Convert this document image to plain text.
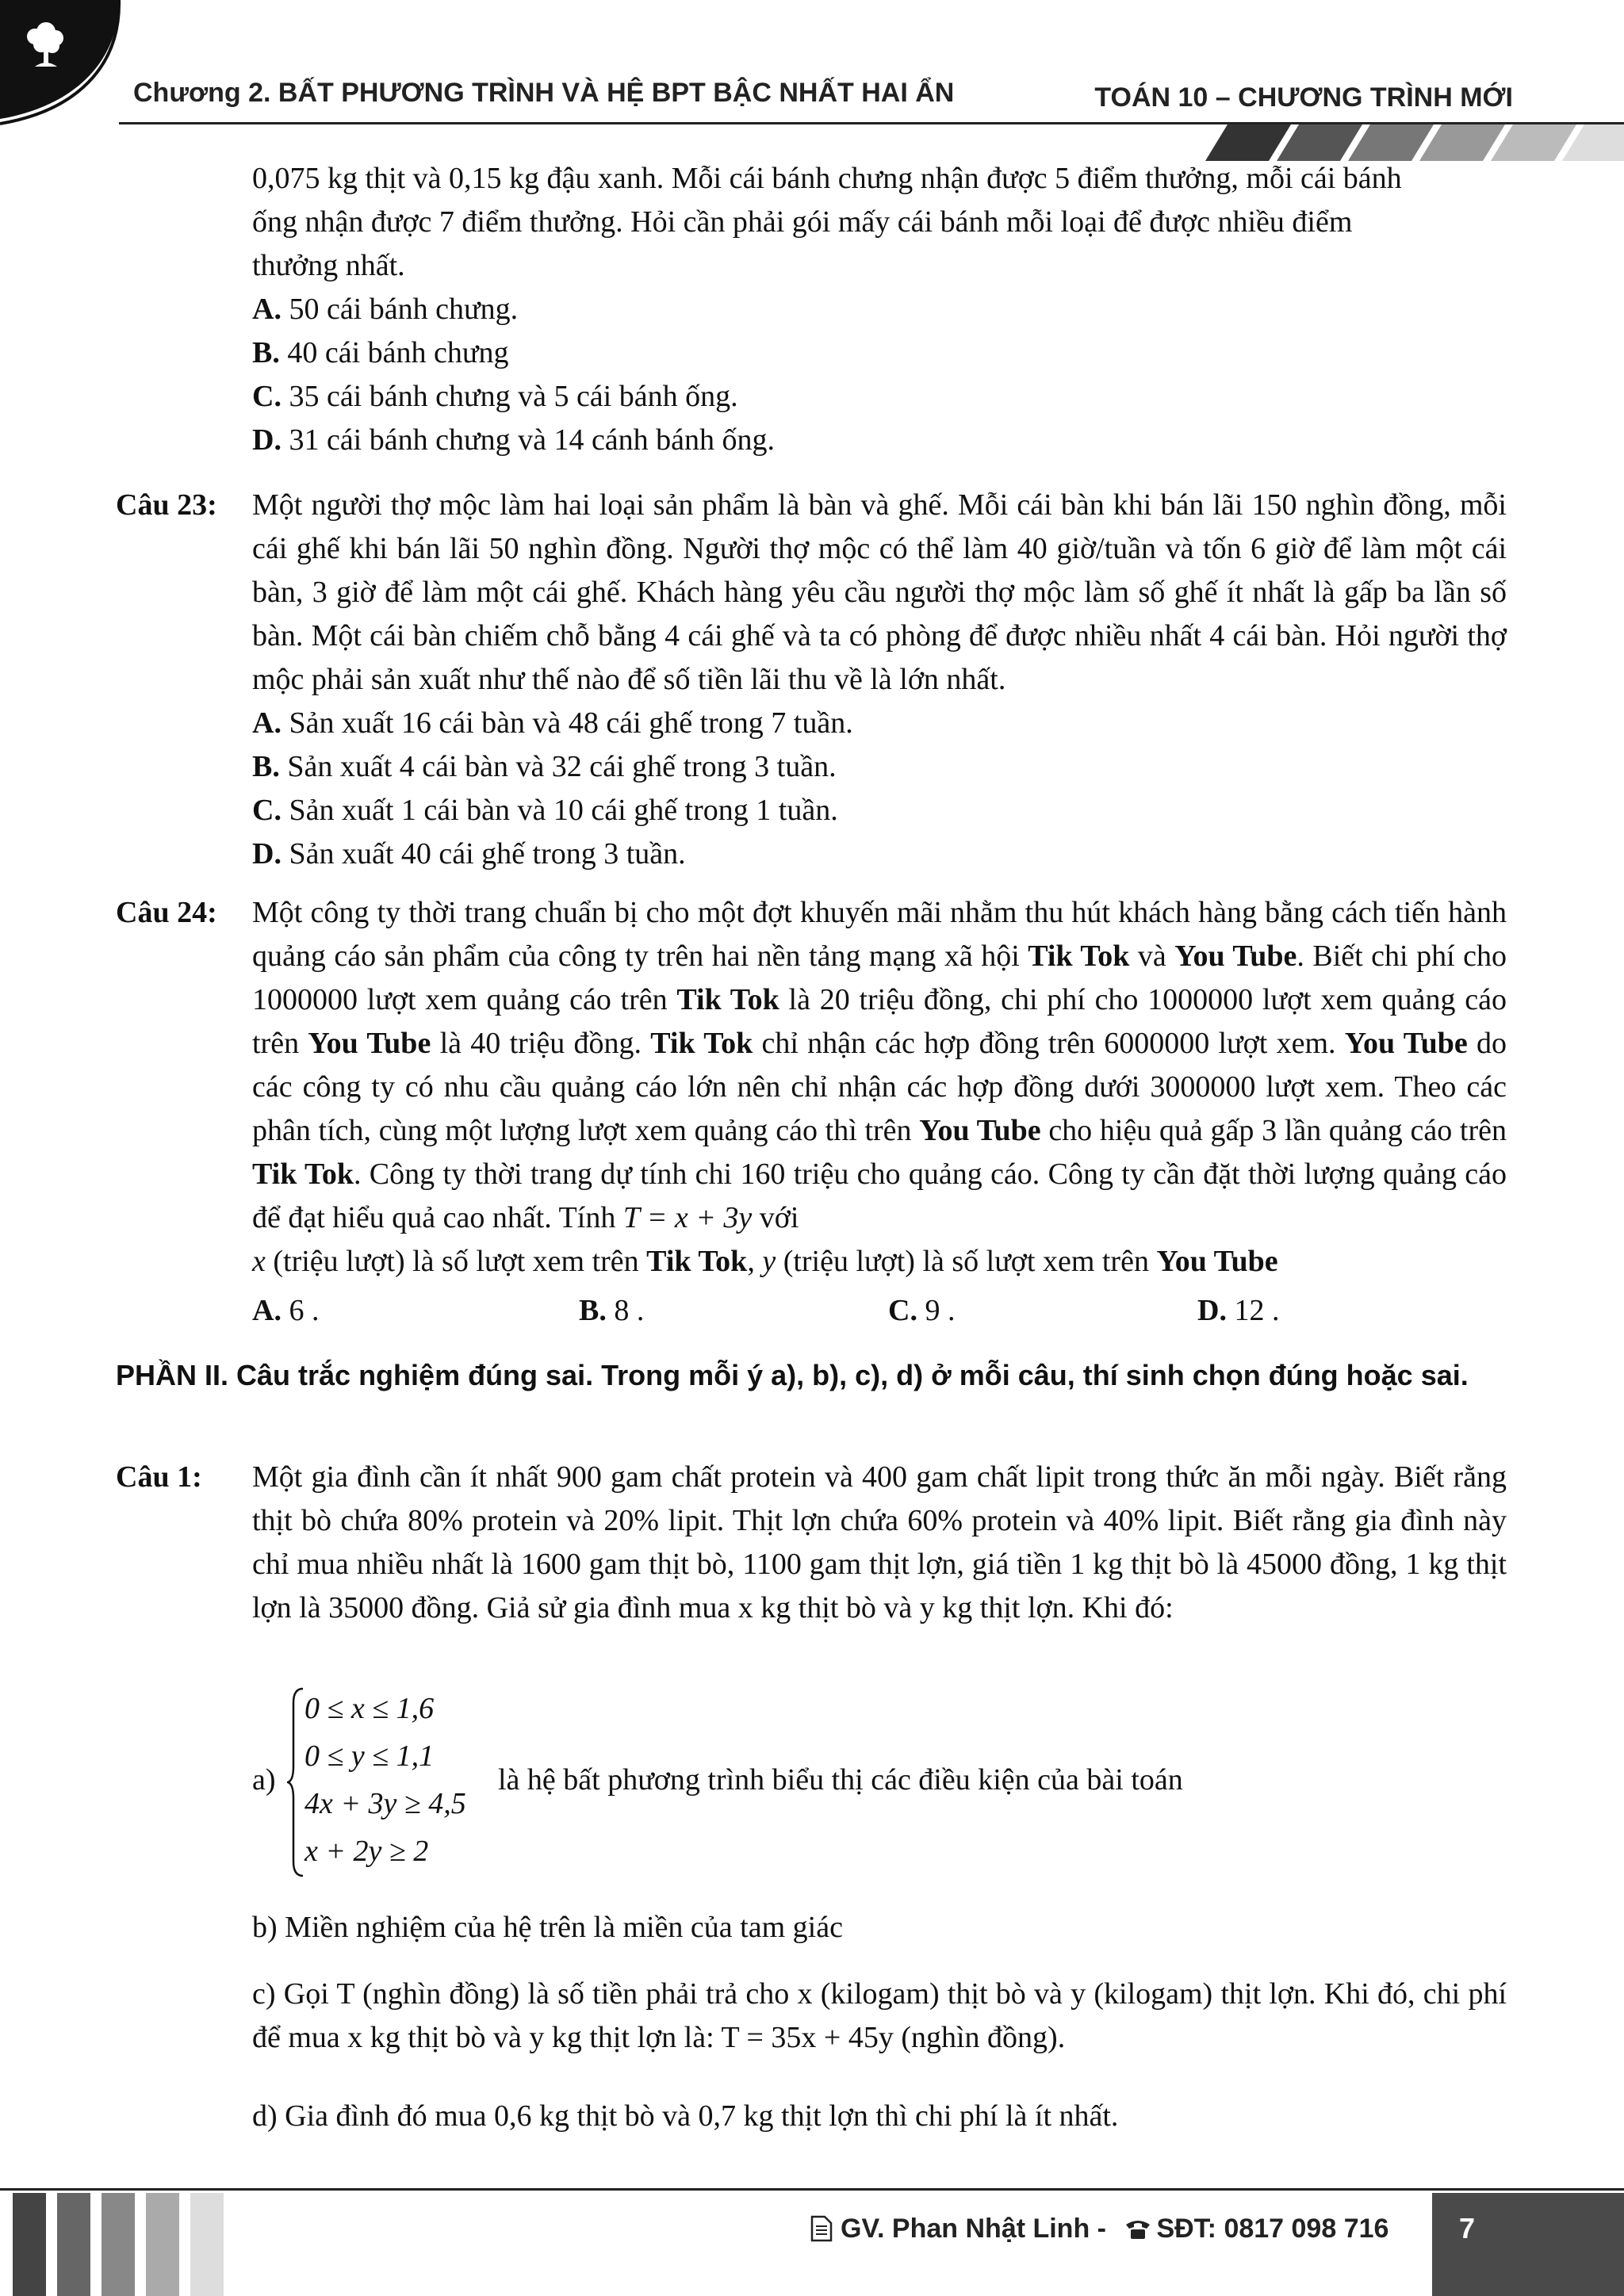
Chương 2. BẤT PHƯƠNG TRÌNH VÀ HỆ BPT BẬC NHẤT HAI ẨN	TOÁN 10 – CHƯƠNG TRÌNH MỚI
0,075 kg thịt và 0,15 kg đậu xanh. Mỗi cái bánh chưng nhận được 5 điểm thưởng, mỗi cái bánh
ống nhận được 7 điểm thưởng. Hỏi cần phải gói mấy cái bánh mỗi loại để được nhiều điểm
thưởng nhất.
A. 50 cái bánh chưng.
B. 40 cái bánh chưng
C. 35 cái bánh chưng và 5 cái bánh ống.
D. 31 cái bánh chưng và 14 cánh bánh ống.
Câu 23: Một người thợ mộc làm hai loại sản phẩm là bàn và ghế. Mỗi cái bàn khi bán lãi 150 nghìn đồng, mỗi cái ghế khi bán lãi 50 nghìn đồng. Người thợ mộc có thể làm 40 giờ/tuần và tốn 6 giờ để làm một cái bàn, 3 giờ để làm một cái ghế. Khách hàng yêu cầu người thợ mộc làm số ghế ít nhất là gấp ba lần số bàn. Một cái bàn chiếm chỗ bằng 4 cái ghế và ta có phòng để được nhiều nhất 4 cái bàn. Hỏi người thợ mộc phải sản xuất như thế nào để số tiền lãi thu về là lớn nhất.
A. Sản xuất 16 cái bàn và 48 cái ghế trong 7 tuần.
B. Sản xuất 4 cái bàn và 32 cái ghế trong 3 tuần.
C. Sản xuất 1 cái bàn và 10 cái ghế trong 1 tuần.
D. Sản xuất 40 cái ghế trong 3 tuần.
Câu 24: Một công ty thời trang chuẩn bị cho một đợt khuyến mãi nhằm thu hút khách hàng bằng cách tiến hành quảng cáo sản phẩm của công ty trên hai nền tảng mạng xã hội Tik Tok và You Tube. Biết chi phí cho 1000000 lượt xem quảng cáo trên Tik Tok là 20 triệu đồng, chi phí cho 1000000 lượt xem quảng cáo trên You Tube là 40 triệu đồng. Tik Tok chỉ nhận các hợp đồng trên 6000000 lượt xem. You Tube do các công ty có nhu cầu quảng cáo lớn nên chỉ nhận các hợp đồng dưới 3000000 lượt xem. Theo các phân tích, cùng một lượng lượt xem quảng cáo thì trên You Tube cho hiệu quả gấp 3 lần quảng cáo trên Tik Tok. Công ty thời trang dự tính chi 160 triệu cho quảng cáo. Công ty cần đặt thời lượng quảng cáo để đạt hiểu quả cao nhất. Tính T = x + 3y với
x (triệu lượt) là số lượt xem trên Tik Tok, y (triệu lượt) là số lượt xem trên You Tube
A. 6 .	B. 8 .	C. 9 .	D. 12 .
PHẦN II. Câu trắc nghiệm đúng sai. Trong mỗi ý a), b), c), d) ở mỗi câu, thí sinh chọn đúng hoặc sai.
Câu 1: Một gia đình cần ít nhất 900 gam chất protein và 400 gam chất lipit trong thức ăn mỗi ngày. Biết rằng thịt bò chứa 80% protein và 20% lipit. Thịt lợn chứa 60% protein và 40% lipit. Biết rằng gia đình này chỉ mua nhiều nhất là 1600 gam thịt bò, 1100 gam thịt lợn, giá tiền 1 kg thịt bò là 45000 đồng, 1 kg thịt lợn là 35000 đồng. Giả sử gia đình mua x kg thịt bò và y kg thịt lợn. Khi đó:
a)
0 ≤ x ≤ 1,6
0 ≤ y ≤ 1,1
4x + 3y ≥ 4,5
x + 2y ≥ 2
là hệ bất phương trình biểu thị các điều kiện của bài toán
b) Miền nghiệm của hệ trên là miền của tam giác
c) Gọi T (nghìn đồng) là số tiền phải trả cho x (kilogam) thịt bò và y (kilogam) thịt lợn. Khi đó, chi phí để mua x kg thịt bò và y kg thịt lợn là: T = 35x + 45y (nghìn đồng).
d) Gia đình đó mua 0,6 kg thịt bò và 0,7 kg thịt lợn thì chi phí là ít nhất.
GV. Phan Nhật Linh - SĐT: 0817 098 716 7
